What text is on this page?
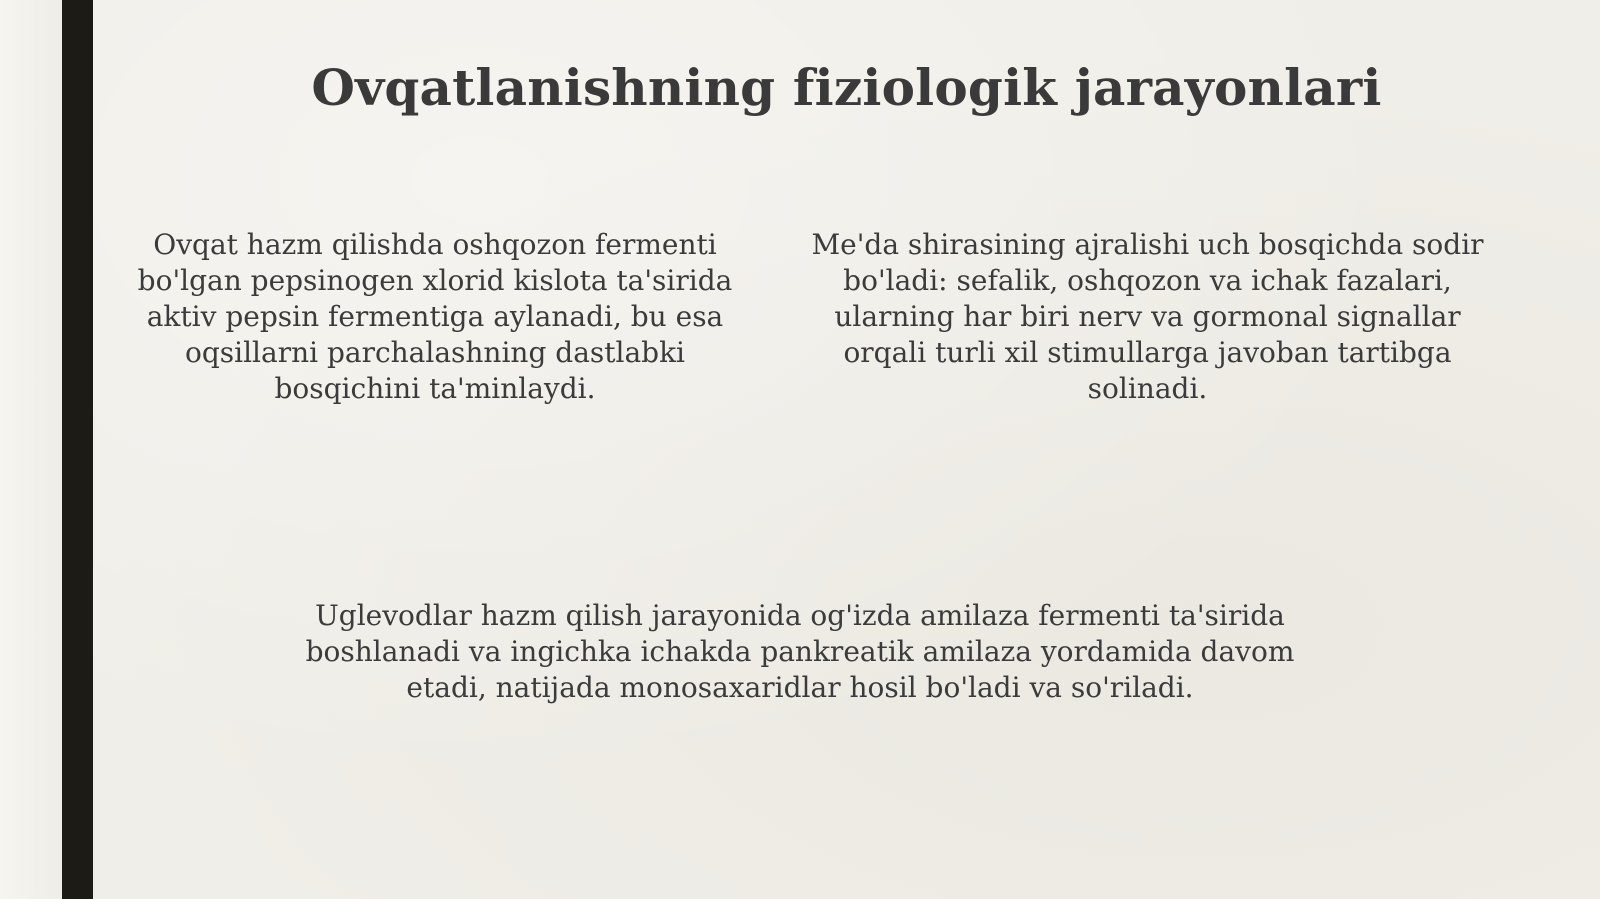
Ovqatlanishning fiziologik jarayonlari

Ovqat hazm qilishda oshqozon fermenti bo'lgan pepsinogen xlorid kislota ta'sirida aktiv pepsin fermentiga aylanadi, bu esa oqsillarni parchalashning dastlabki bosqichini ta'minlaydi.

Me'da shirasining ajralishi uch bosqichda sodir bo'ladi: sefalik, oshqozon va ichak fazalari, ularning har biri nerv va gormonal signallar orqali turli xil stimullarga javoban tartibga solinadi.

Uglevodlar hazm qilish jarayonida og'izda amilaza fermenti ta'sirida boshlanadi va ingichka ichakda pankreatik amilaza yordamida davom etadi, natijada monosaxaridlar hosil bo'ladi va so'riladi.
